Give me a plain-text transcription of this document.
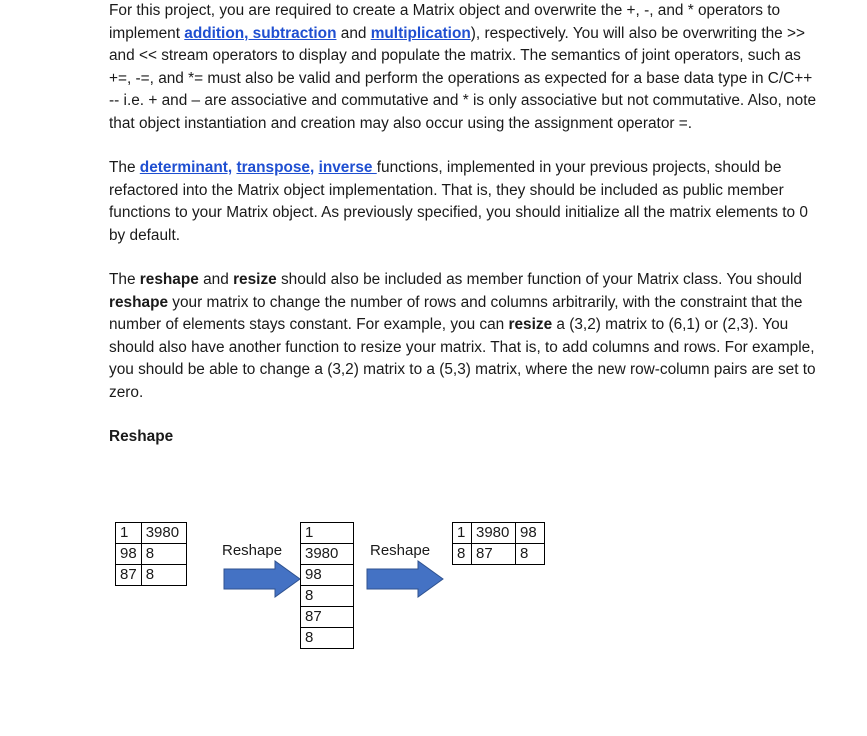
For this project, you are required to create a Matrix object and overwrite the +, -, and * operators to implement addition, subtraction and multiplication), respectively. You will also be overwriting the >> and << stream operators to display and populate the matrix. The semantics of joint operators, such as +=, -=, and *= must also be valid and perform the operations as expected for a base data type in C/C++ -- i.e. + and – are associative and commutative and * is only associative but not commutative. Also, note that object instantiation and creation may also occur using the assignment operator =.

The determinant, transpose, inverse functions, implemented in your previous projects, should be refactored into the Matrix object implementation. That is, they should be included as public member functions to your Matrix object. As previously specified, you should initialize all the matrix elements to 0 by default.

The reshape and resize should also be included as member function of your Matrix class. You should reshape your matrix to change the number of rows and columns arbitrarily, with the constraint that the number of elements stays constant. For example, you can resize a (3,2) matrix to (6,1) or (2,3). You should also have another function to resize your matrix. That is, to add columns and rows. For example, you should be able to change a (3,2) matrix to a (5,3) matrix, where the new row-column pairs are set to zero.

Reshape

1	3980
98	8
87	8
Reshape
1
3980
98
8
87
8
Reshape
1	3980	98
8	87	8
